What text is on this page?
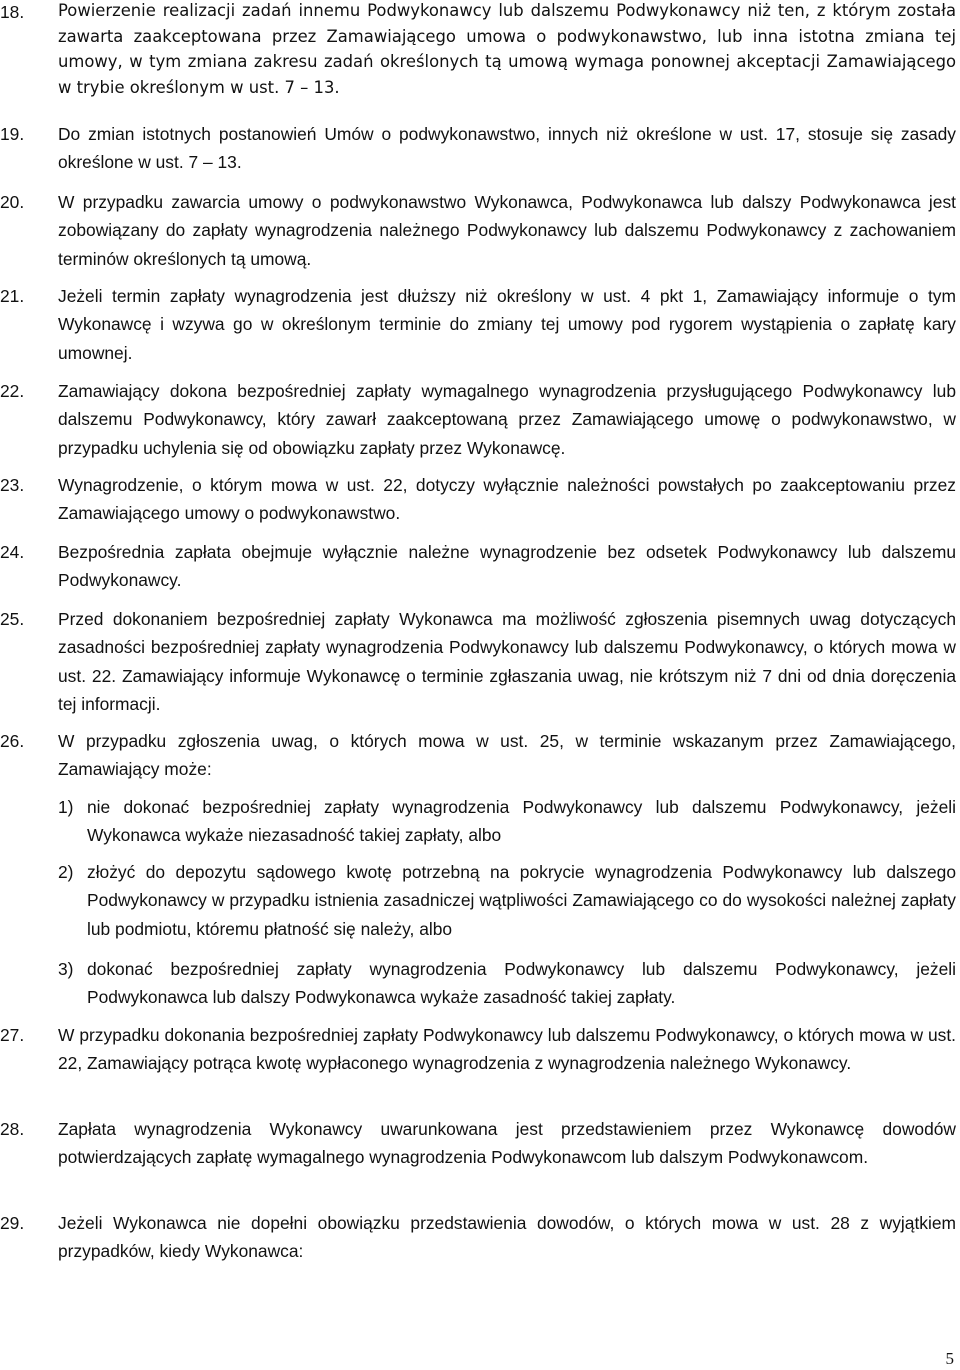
18. Powierzenie realizacji zadań innemu Podwykonawcy lub dalszemu Podwykonawcy niż ten, z którym została zawarta zaakceptowana przez Zamawiającego umowa o podwykonawstwo, lub inna istotna zmiana tej umowy, w tym zmiana zakresu zadań określonych tą umową wymaga ponownej akceptacji Zamawiającego w trybie określonym w ust. 7 – 13.
19. Do zmian istotnych postanowień Umów o podwykonawstwo, innych niż określone w ust. 17, stosuje się zasady określone w ust. 7 – 13.
20. W przypadku zawarcia umowy o podwykonawstwo Wykonawca, Podwykonawca lub dalszy Podwykonawca jest zobowiązany do zapłaty wynagrodzenia należnego Podwykonawcy lub dalszemu Podwykonawcy z zachowaniem terminów określonych tą umową.
21. Jeżeli termin zapłaty wynagrodzenia jest dłuższy niż określony w ust. 4 pkt 1, Zamawiający informuje o tym Wykonawcę i wzywa go w określonym terminie do zmiany tej umowy pod rygorem wystąpienia o zapłatę kary umownej.
22. Zamawiający dokona bezpośredniej zapłaty wymagalnego wynagrodzenia przysługującego Podwykonawcy lub dalszemu Podwykonawcy, który zawarł zaakceptowaną przez Zamawiającego umowę o podwykonawstwo, w przypadku uchylenia się od obowiązku zapłaty przez Wykonawcę.
23. Wynagrodzenie, o którym mowa w ust. 22, dotyczy wyłącznie należności powstałych po zaakceptowaniu przez Zamawiającego umowy o podwykonawstwo.
24. Bezpośrednia zapłata obejmuje wyłącznie należne wynagrodzenie bez odsetek Podwykonawcy lub dalszemu Podwykonawcy.
25. Przed dokonaniem bezpośredniej zapłaty Wykonawca ma możliwość zgłoszenia pisemnych uwag dotyczących zasadności bezpośredniej zapłaty wynagrodzenia Podwykonawcy lub dalszemu Podwykonawcy, o których mowa w ust. 22. Zamawiający informuje Wykonawcę o terminie zgłaszania uwag, nie krótszym niż 7 dni od dnia doręczenia tej informacji.
26. W przypadku zgłoszenia uwag, o których mowa w ust. 25, w terminie wskazanym przez Zamawiającego, Zamawiający może:
1) nie dokonać bezpośredniej zapłaty wynagrodzenia Podwykonawcy lub dalszemu Podwykonawcy, jeżeli Wykonawca wykaże niezasadność takiej zapłaty, albo
2) złożyć do depozytu sądowego kwotę potrzebną na pokrycie wynagrodzenia Podwykonawcy lub dalszego Podwykonawcy w przypadku istnienia zasadniczej wątpliwości Zamawiającego co do wysokości należnej zapłaty lub podmiotu, któremu płatność się należy, albo
3) dokonać bezpośredniej zapłaty wynagrodzenia Podwykonawcy lub dalszemu Podwykonawcy, jeżeli Podwykonawca lub dalszy Podwykonawca wykaże zasadność takiej zapłaty.
27. W przypadku dokonania bezpośredniej zapłaty Podwykonawcy lub dalszemu Podwykonawcy, o których mowa w ust. 22, Zamawiający potrąca kwotę wypłaconego wynagrodzenia z wynagrodzenia należnego Wykonawcy.
28. Zapłata wynagrodzenia Wykonawcy uwarunkowana jest przedstawieniem przez Wykonawcę dowodów potwierdzających zapłatę wymagalnego wynagrodzenia Podwykonawcom lub dalszym Podwykonawcom.
29. Jeżeli Wykonawca nie dopełni obowiązku przedstawienia dowodów, o których mowa w ust. 28 z wyjątkiem przypadków, kiedy Wykonawca:
5
